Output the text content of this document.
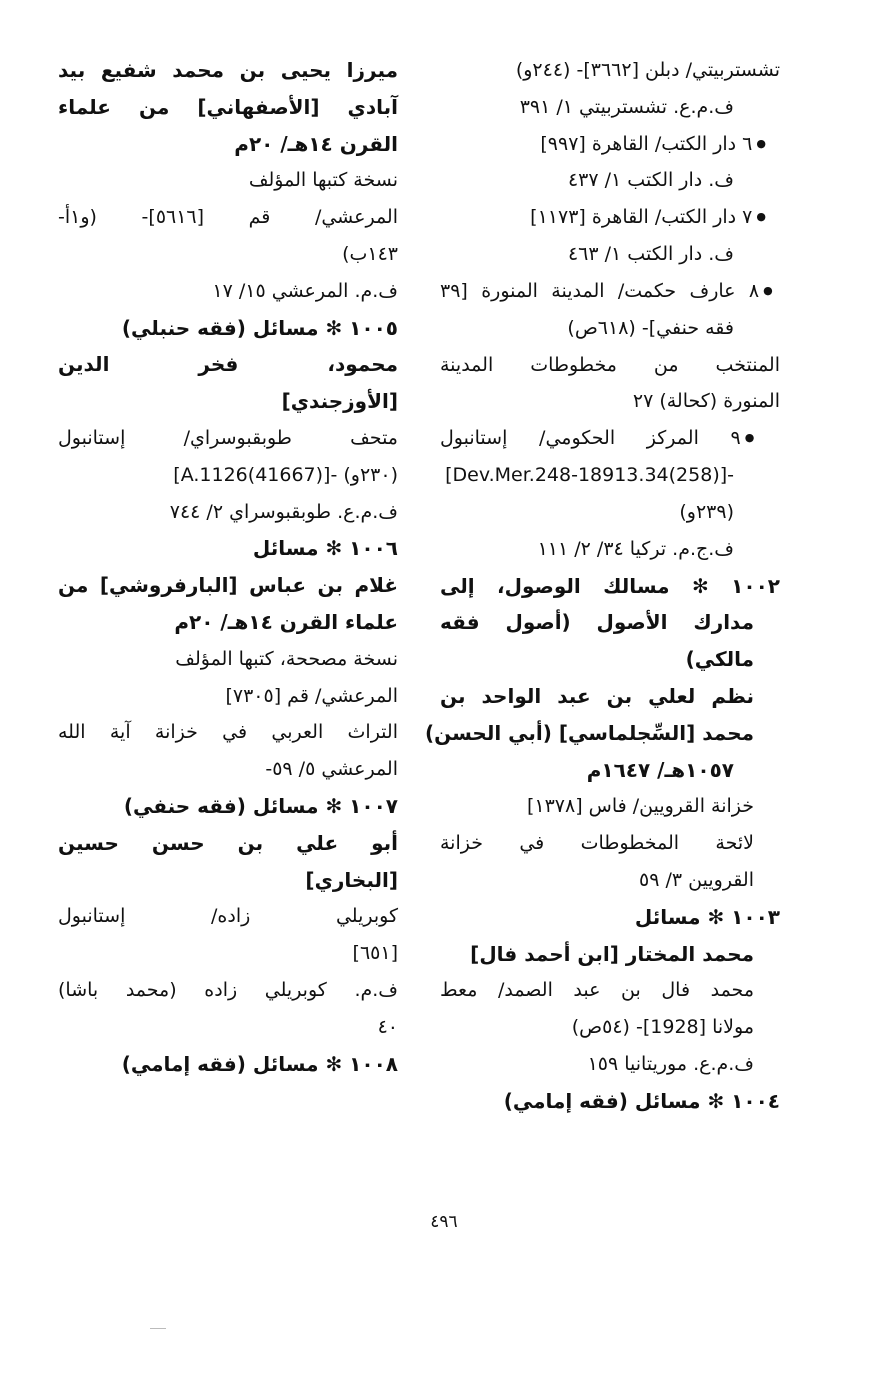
تشستربيتي/ دبلن [٣٦٦٢]- (٢٤٤و)
ف.م.ع. تشستربيتي ١/ ٣٩١
● ٦ دار الكتب/ القاهرة [٩٩٧]
ف. دار الكتب ١/ ٤٣٧
● ٧ دار الكتب/ القاهرة [١١٧٣]
ف. دار الكتب ١/ ٤٦٣
● ٨ عارف حكمت/ المدينة المنورة [٣٩
فقه حنفي]- (٦١٨ص)
المنتخب من مخطوطات المدينة
المنورة (كحالة) ٢٧
● ٩ المركز الحكومي/ إستانبول
-[(258)34.Dev.Mer.248-18913]
(٢٣٩و)
ف.ج.م. تركيا ٣٤/ ٢/ ١١١
١٠٠٢ ✻ مسالك الوصول، إلى
مدارك الأصول (أصول فقه
مالكي)
نظم لعلي بن عبد الواحد بن
محمد [السِّجلماسي] (أبي الحسن)
١٠٥٧هـ/ ١٦٤٧م
خزانة القرويين/ فاس [١٣٧٨]
لائحة المخطوطات في خزانة
القرويين ٣/ ٥٩
١٠٠٣ ✻ مسائل
محمد المختار [ابن أحمد فال]
محمد فال بن عبد الصمد/ معط
مولانا [1928]- (٥٤ص)
ف.م.ع. موريتانيا ١٥٩
١٠٠٤ ✻ مسائل (فقه إمامي)
ميرزا يحيى بن محمد شفيع بيد
آبادي [الأصفهاني] من علماء
القرن ١٤هـ/ ٢٠م
نسخة كتبها المؤلف
المرعشي/ قم [٥٦١٦]- (و١أ-
١٤٣ب)
ف.م. المرعشي ١٥/ ١٧
١٠٠٥ ✻ مسائل (فقه حنبلي)
محمود، فخر الدين
[الأوزجندي]
متحف طوبقبوسراي/ إستانبول
(٢٣٠و) -[(41667)A.1126]
ف.م.ع. طوبقبوسراي ٢/ ٧٤٤
١٠٠٦ ✻ مسائل
غلام بن عباس [البارفروشي] من
علماء القرن ١٤هـ/ ٢٠م
نسخة مصححة، كتبها المؤلف
المرعشي/ قم [٧٣٠٥]
التراث العربي في خزانة آية الله
المرعشي ٥/ ٥٩-
١٠٠٧ ✻ مسائل (فقه حنفي)
أبو علي بن حسن حسين
[البخاري]
كوبريلي زاده/ إستانبول
[٦٥١]
ف.م. كوبريلي زاده (محمد باشا)
٤٠
١٠٠٨ ✻ مسائل (فقه إمامي)
٤٩٦
